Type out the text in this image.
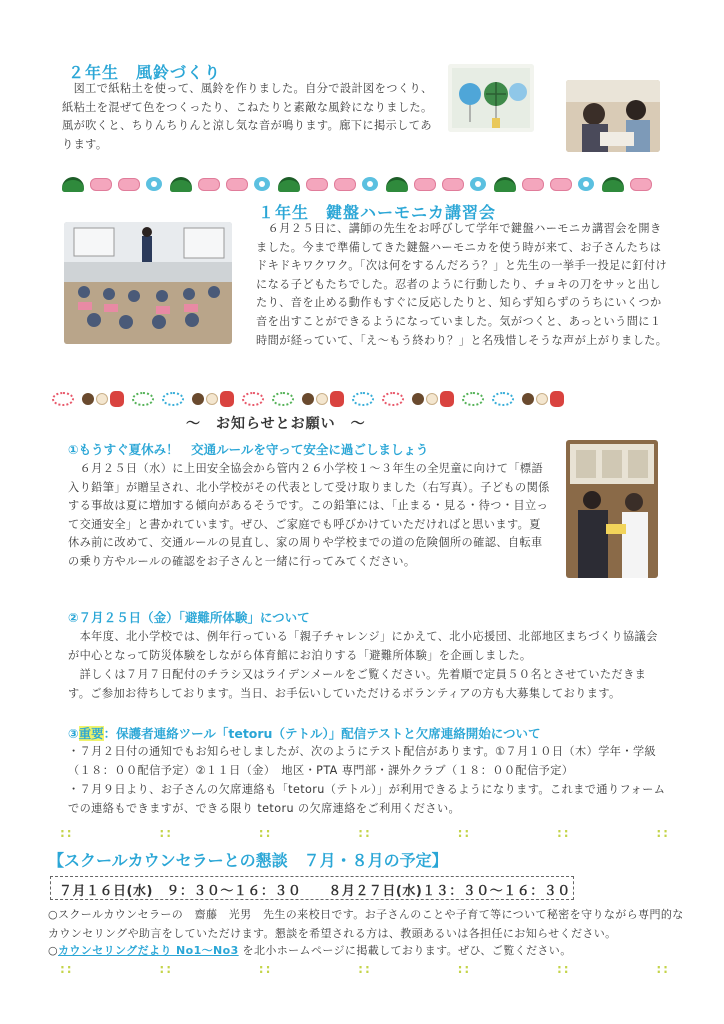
２年生　風鈴づくり
　図工で紙粘土を使って、風鈴を作りました。自分で設計図をつくり、紙粘土を混ぜて色をつくったり、こねたりと素敵な風鈴になりました。風が吹くと、ちりんちりんと涼し気な音が鳴ります。廊下に掲示してあります。
１年生　鍵盤ハーモニカ講習会
　６月２５日に、講師の先生をお呼びして学年で鍵盤ハーモニカ講習会を開きました。今まで準備してきた鍵盤ハーモニカを使う時が来て、お子さんたちはドキドキワクワク。「次は何をするんだろう？」と先生の一挙手一投足に釘付けになる子どもたちでした。忍者のように行動したり、チョキの刀をサッと出したり、音を止める動作もすぐに反応したりと、知らず知らずのうちにいくつか音を出すことができるようになっていました。気がつくと、あっという間に１時間が経っていて、「え～もう終わり？」と名残惜しそうな声が上がりました。
～　お知らせとお願い　～
①もうすぐ夏休み！　交通ルールを守って安全に過ごしましょう
　６月２５日（水）に上田安全協会から管内２６小学校１～３年生の全児童に向けて「標語入り鉛筆」が贈呈され、北小学校がその代表として受け取りました（右写真）。子どもの関係する事故は夏に増加する傾向があるそうです。この鉛筆には、「止まる・見る・待つ・目立って交通安全」と書かれています。ぜひ、ご家庭でも呼びかけていただければと思います。夏休み前に改めて、交通ルールの見直し、家の周りや学校までの道の危険個所の確認、自転車の乗り方やルールの確認をお子さんと一緒に行ってみてください。
②７月２５日（金）「避難所体験」について
　本年度、北小学校では、例年行っている「親子チャレンジ」にかえて、北小応援団、北部地区まちづくり協議会が中心となって防災体験をしながら体育館にお泊りする「避難所体験」を企画しました。
　詳しくは７月７日配付のチラシ又はライデンメールをご覧ください。先着順で定員５０名とさせていただきます。ご参加お待ちしております。当日、お手伝いしていただけるボランティアの方も大募集しております。
③重要：保護者連絡ツール「tetoru（テトル）」配信テストと欠席連絡開始について
・７月２日付の通知でもお知らせしましたが、次のようにテスト配信があります。①７月１０日（木）学年・学級（１８：００配信予定）②１１日（金）　地区・PTA 専門部・課外クラブ（１８：００配信予定）
・７月９日より、お子さんの欠席連絡も「tetoru（テトル）」が利用できるようになります。これまで通りフォームでの連絡もできますが、できる限り tetoru の欠席連絡をご利用ください。
::	::	::	::	::	::	::
【スクールカウンセラーとの懇談　７月・８月の予定】
７月１６日(水)　９：３０～１６：３０　　８月２７日(水)１３：３０～１６：３０
○スクールカウンセラーの　齋藤　光男　先生の来校日です。お子さんのことや子育て等について秘密を守りながら専門的なカウンセリングや助言をしていただけます。懇談を希望される方は、教頭あるいは各担任にお知らせください。
○カウンセリングだより No1～No3 を北小ホームページに掲載しております。ぜひ、ご覧ください。
::	::	::	::	::	::	::
